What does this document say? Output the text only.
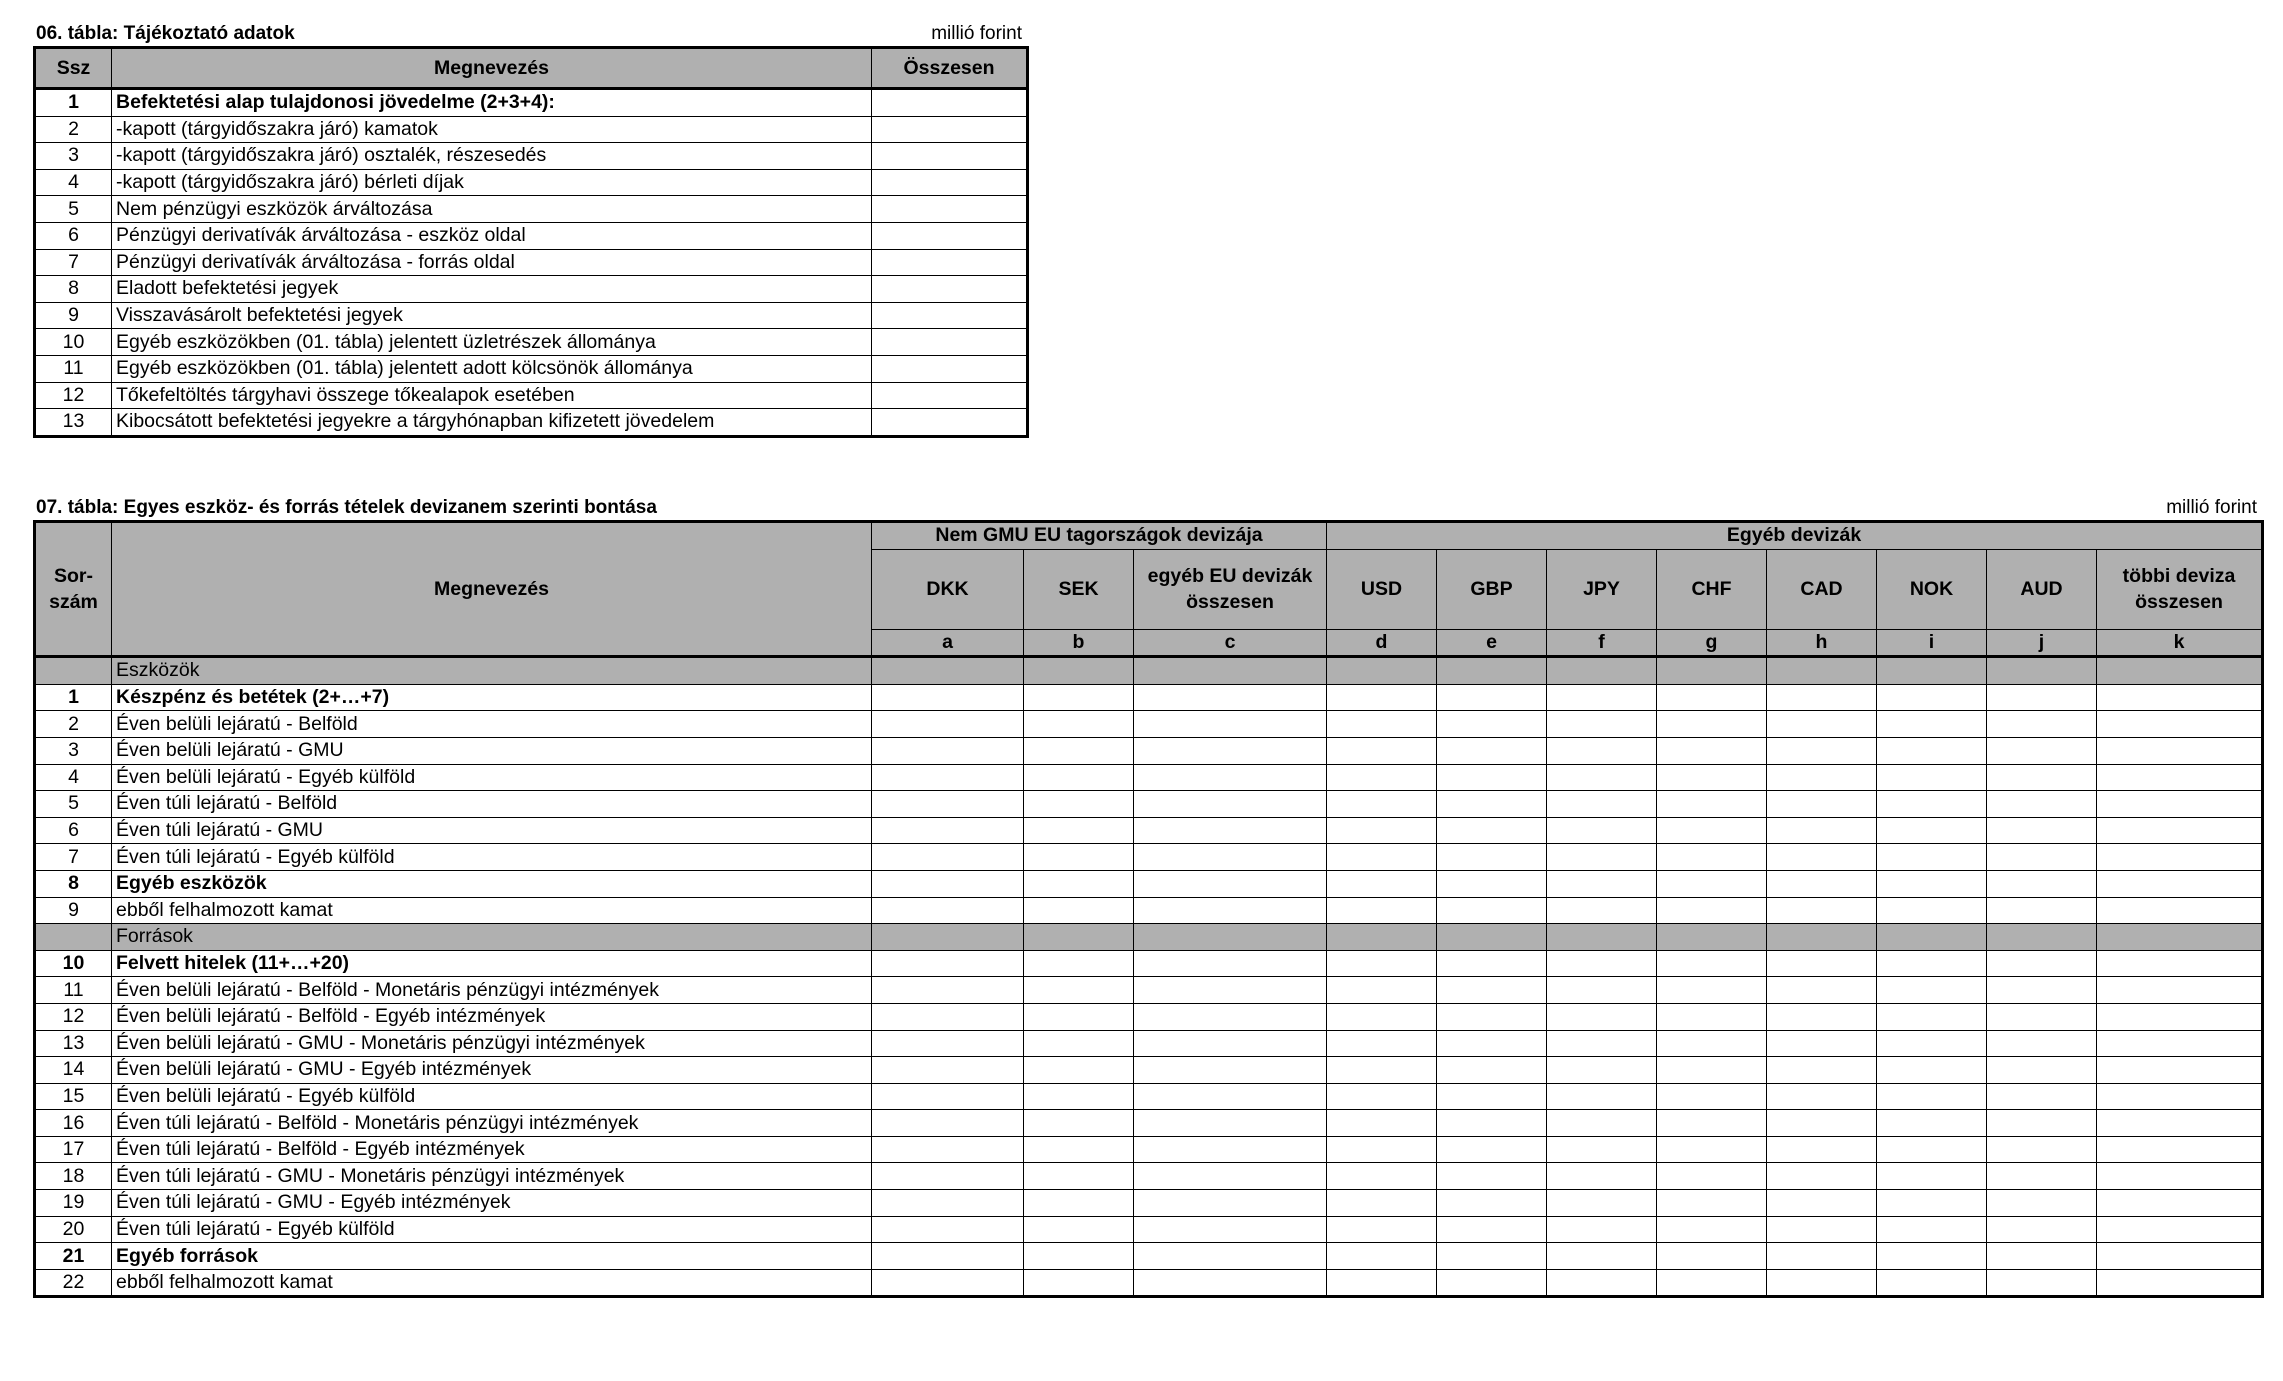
06. tábla: Tájékoztató adatok	millió forint
Ssz	Megnevezés	Összesen
1	Befektetési alap tulajdonosi jövedelme (2+3+4):	
2	-kapott (tárgyidőszakra járó) kamatok	
3	-kapott (tárgyidőszakra járó) osztalék, részesedés	
4	-kapott (tárgyidőszakra járó) bérleti díjak	
5	Nem pénzügyi eszközök árváltozása	
6	Pénzügyi derivatívák árváltozása - eszköz oldal	
7	Pénzügyi derivatívák árváltozása - forrás oldal	
8	Eladott befektetési jegyek	
9	Visszavásárolt befektetési jegyek	
10	Egyéb eszközökben (01. tábla) jelentett üzletrészek állománya	
11	Egyéb eszközökben (01. tábla) jelentett adott kölcsönök állománya	
12	Tőkefeltöltés tárgyhavi összege tőkealapok esetében	
13	Kibocsátott befektetési jegyekre a tárgyhónapban kifizetett jövedelem	
07. tábla: Egyes eszköz- és forrás tételek devizanem szerinti bontása	millió forint
Sor-szám	Megnevezés	Nem GMU EU tagországok devizája			Egyéb devizák							
		DKK	SEK	egyéb EU devizák összesen	USD	GBP	JPY	CHF	CAD	NOK	AUD	többi deviza összesen
		a	b	c	d	e	f	g	h	i	j	k
	Eszközök											
1	Készpénz és betétek (2+…+7)											
2	Éven belüli lejáratú - Belföld											
3	Éven belüli lejáratú - GMU											
4	Éven belüli lejáratú - Egyéb külföld											
5	Éven túli lejáratú - Belföld											
6	Éven túli lejáratú - GMU											
7	Éven túli lejáratú - Egyéb külföld											
8	Egyéb eszközök											
9	ebből felhalmozott kamat											
	Források											
10	Felvett hitelek (11+…+20)											
11	Éven belüli lejáratú - Belföld - Monetáris pénzügyi intézmények											
12	Éven belüli lejáratú - Belföld - Egyéb intézmények											
13	Éven belüli lejáratú - GMU - Monetáris pénzügyi intézmények											
14	Éven belüli lejáratú - GMU - Egyéb intézmények											
15	Éven belüli lejáratú - Egyéb külföld											
16	Éven túli lejáratú - Belföld - Monetáris pénzügyi intézmények											
17	Éven túli lejáratú - Belföld - Egyéb intézmények											
18	Éven túli lejáratú - GMU - Monetáris pénzügyi intézmények											
19	Éven túli lejáratú - GMU - Egyéb intézmények											
20	Éven túli lejáratú - Egyéb külföld											
21	Egyéb források											
22	ebből felhalmozott kamat											
